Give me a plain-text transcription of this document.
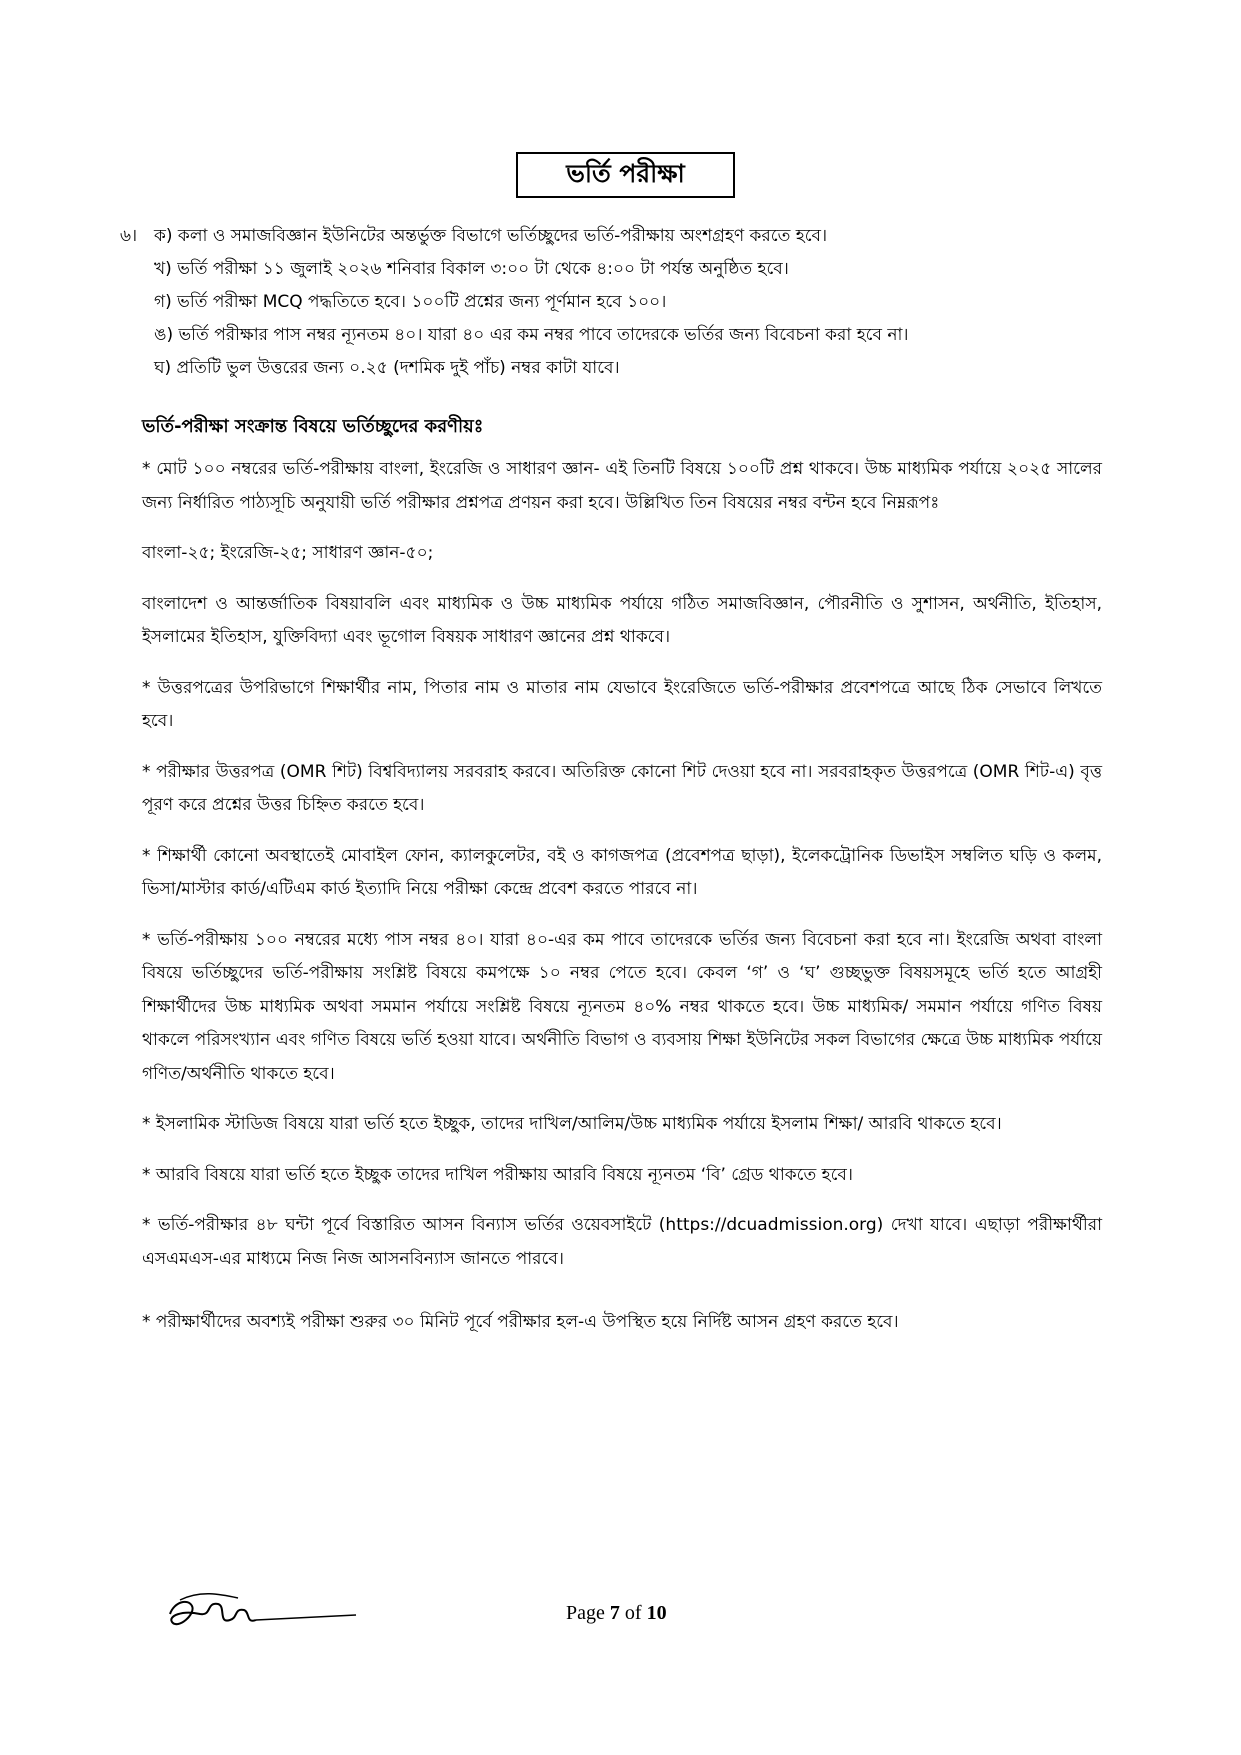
ভর্তি পরীক্ষা
৬। ক) কলা ও সমাজবিজ্ঞান ইউনিটের অন্তর্ভুক্ত বিভাগে ভর্তিচ্ছুদের ভর্তি-পরীক্ষায় অংশগ্রহণ করতে হবে।
খ) ভর্তি পরীক্ষা ১১ জুলাই ২০২৬ শনিবার বিকাল ৩:০০ টা থেকে ৪:০০ টা পর্যন্ত অনুষ্ঠিত হবে।
গ) ভর্তি পরীক্ষা MCQ পদ্ধতিতে হবে। ১০০টি প্রশ্নের জন্য পূর্ণমান হবে ১০০।
ঙ) ভর্তি পরীক্ষার পাস নম্বর ন্যূনতম ৪০। যারা ৪০ এর কম নম্বর পাবে তাদেরকে ভর্তির জন্য বিবেচনা করা হবে না।
ঘ) প্রতিটি ভুল উত্তরের জন্য ০.২৫ (দশমিক দুই পাঁচ) নম্বর কাটা যাবে।
ভর্তি-পরীক্ষা সংক্রান্ত বিষয়ে ভর্তিচ্ছুদের করণীয়ঃ

* মোট ১০০ নম্বরের ভর্তি-পরীক্ষায় বাংলা, ইংরেজি ও সাধারণ জ্ঞান- এই তিনটি বিষয়ে ১০০টি প্রশ্ন থাকবে। উচ্চ মাধ্যমিক পর্যায়ে ২০২৫ সালের জন্য নির্ধারিত পাঠ্যসূচি অনুযায়ী ভর্তি পরীক্ষার প্রশ্নপত্র প্রণয়ন করা হবে। উল্লিখিত তিন বিষয়ের নম্বর বন্টন হবে নিম্নরূপঃ

বাংলা-২৫; ইংরেজি-২৫; সাধারণ জ্ঞান-৫০;

বাংলাদেশ ও আন্তর্জাতিক বিষয়াবলি এবং মাধ্যমিক ও উচ্চ মাধ্যমিক পর্যায়ে গঠিত সমাজবিজ্ঞান, পৌরনীতি ও সুশাসন, অর্থনীতি, ইতিহাস, ইসলামের ইতিহাস, যুক্তিবিদ্যা এবং ভূগোল বিষয়ক সাধারণ জ্ঞানের প্রশ্ন থাকবে।

* উত্তরপত্রের উপরিভাগে শিক্ষার্থীর নাম, পিতার নাম ও মাতার নাম যেভাবে ইংরেজিতে ভর্তি-পরীক্ষার প্রবেশপত্রে আছে ঠিক সেভাবে লিখতে হবে।

* পরীক্ষার উত্তরপত্র (OMR শিট) বিশ্ববিদ্যালয় সরবরাহ করবে। অতিরিক্ত কোনো শিট দেওয়া হবে না। সরবরাহকৃত উত্তরপত্রে (OMR শিট-এ) বৃত্ত পূরণ করে প্রশ্নের উত্তর চিহ্নিত করতে হবে।

* শিক্ষার্থী কোনো অবস্থাতেই মোবাইল ফোন, ক্যালকুলেটর, বই ও কাগজপত্র (প্রবেশপত্র ছাড়া), ইলেকট্রোনিক ডিভাইস সম্বলিত ঘড়ি ও কলম, ভিসা/মাস্টার কার্ড/এটিএম কার্ড ইত্যাদি নিয়ে পরীক্ষা কেন্দ্রে প্রবেশ করতে পারবে না।

* ভর্তি-পরীক্ষায় ১০০ নম্বরের মধ্যে পাস নম্বর ৪০। যারা ৪০-এর কম পাবে তাদেরকে ভর্তির জন্য বিবেচনা করা হবে না। ইংরেজি অথবা বাংলা বিষয়ে ভর্তিচ্ছুদের ভর্তি-পরীক্ষায় সংশ্লিষ্ট বিষয়ে কমপক্ষে ১০ নম্বর পেতে হবে। কেবল ‘গ’ ও ‘ঘ’ গুচ্ছভুক্ত বিষয়সমূহে ভর্তি হতে আগ্রহী শিক্ষার্থীদের উচ্চ মাধ্যমিক অথবা সমমান পর্যায়ে সংশ্লিষ্ট বিষয়ে ন্যূনতম ৪০% নম্বর থাকতে হবে। উচ্চ মাধ্যমিক/ সমমান পর্যায়ে গণিত বিষয় থাকলে পরিসংখ্যান এবং গণিত বিষয়ে ভর্তি হওয়া যাবে। অর্থনীতি বিভাগ ও ব্যবসায় শিক্ষা ইউনিটের সকল বিভাগের ক্ষেত্রে উচ্চ মাধ্যমিক পর্যায়ে গণিত/অর্থনীতি থাকতে হবে।

* ইসলামিক স্টাডিজ বিষয়ে যারা ভর্তি হতে ইচ্ছুক, তাদের দাখিল/আলিম/উচ্চ মাধ্যমিক পর্যায়ে ইসলাম শিক্ষা/ আরবি থাকতে হবে।

* আরবি বিষয়ে যারা ভর্তি হতে ইচ্ছুক তাদের দাখিল পরীক্ষায় আরবি বিষয়ে ন্যূনতম ‘বি’ গ্রেড থাকতে হবে।

* ভর্তি-পরীক্ষার ৪৮ ঘন্টা পূর্বে বিস্তারিত আসন বিন্যাস ভর্তির ওয়েবসাইটে (https://dcuadmission.org) দেখা যাবে। এছাড়া পরীক্ষার্থীরা এসএমএস-এর মাধ্যমে নিজ নিজ আসনবিন্যাস জানতে পারবে।

* পরীক্ষার্থীদের অবশ্যই পরীক্ষা শুরুর ৩০ মিনিট পূর্বে পরীক্ষার হল-এ উপস্থিত হয়ে নির্দিষ্ট আসন গ্রহণ করতে হবে।

Page 7 of 10
